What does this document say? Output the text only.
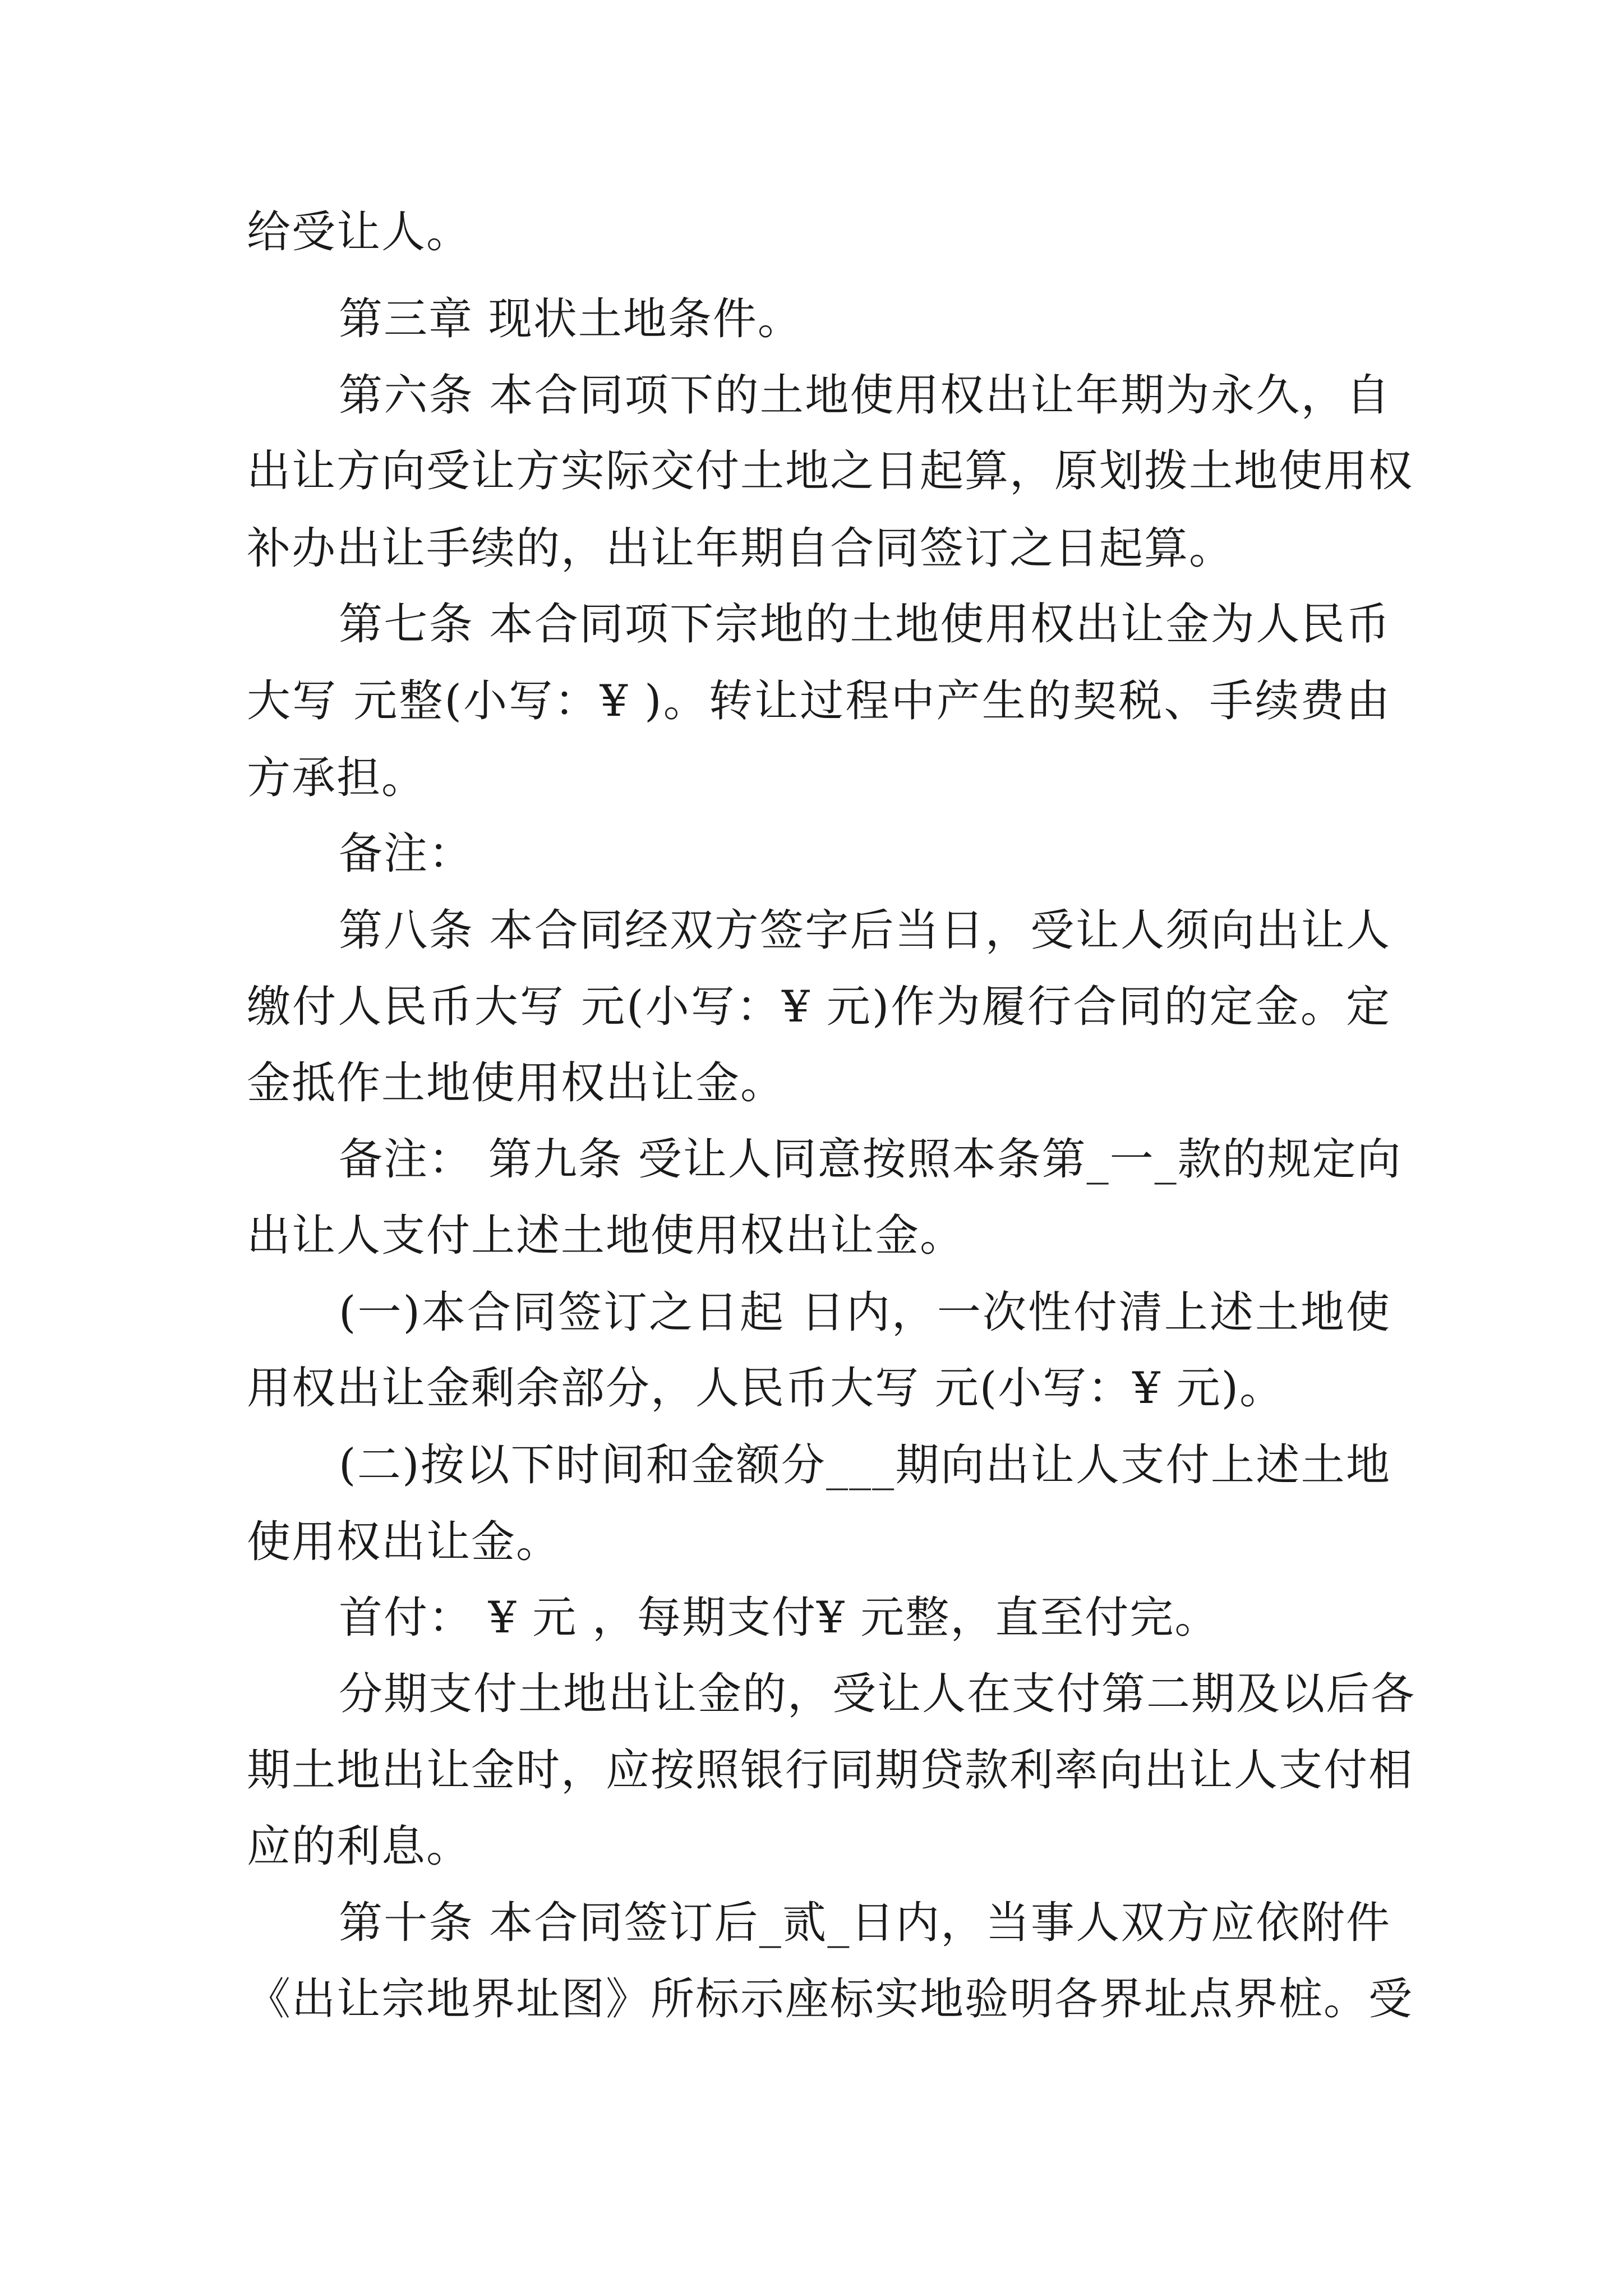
给受让人。
第三章 现状土地条件。
第六条 本合同项下的土地使用权出让年期为永久，自
出让方向受让方实际交付土地之日起算，原划拨土地使用权
补办出让手续的，出让年期自合同签订之日起算。
第七条 本合同项下宗地的土地使用权出让金为人民币
大写 元整(小写：¥ )。转让过程中产生的契税、手续费由
方承担。
备注：
第八条 本合同经双方签字后当日，受让人须向出让人
缴付人民币大写 元(小写：¥ 元)作为履行合同的定金。定
金抵作土地使用权出让金。
备注： 第九条 受让人同意按照本条第_一_款的规定向
出让人支付上述土地使用权出让金。
(一)本合同签订之日起 日内，一次性付清上述土地使
用权出让金剩余部分，人民币大写 元(小写：¥ 元)。
(二)按以下时间和金额分___期向出让人支付上述土地
使用权出让金。
首付： ¥ 元 ，每期支付¥ 元整，直至付完。
分期支付土地出让金的，受让人在支付第二期及以后各
期土地出让金时，应按照银行同期贷款利率向出让人支付相
应的利息。
第十条 本合同签订后_贰_日内，当事人双方应依附件
《出让宗地界址图》所标示座标实地验明各界址点界桩。受
